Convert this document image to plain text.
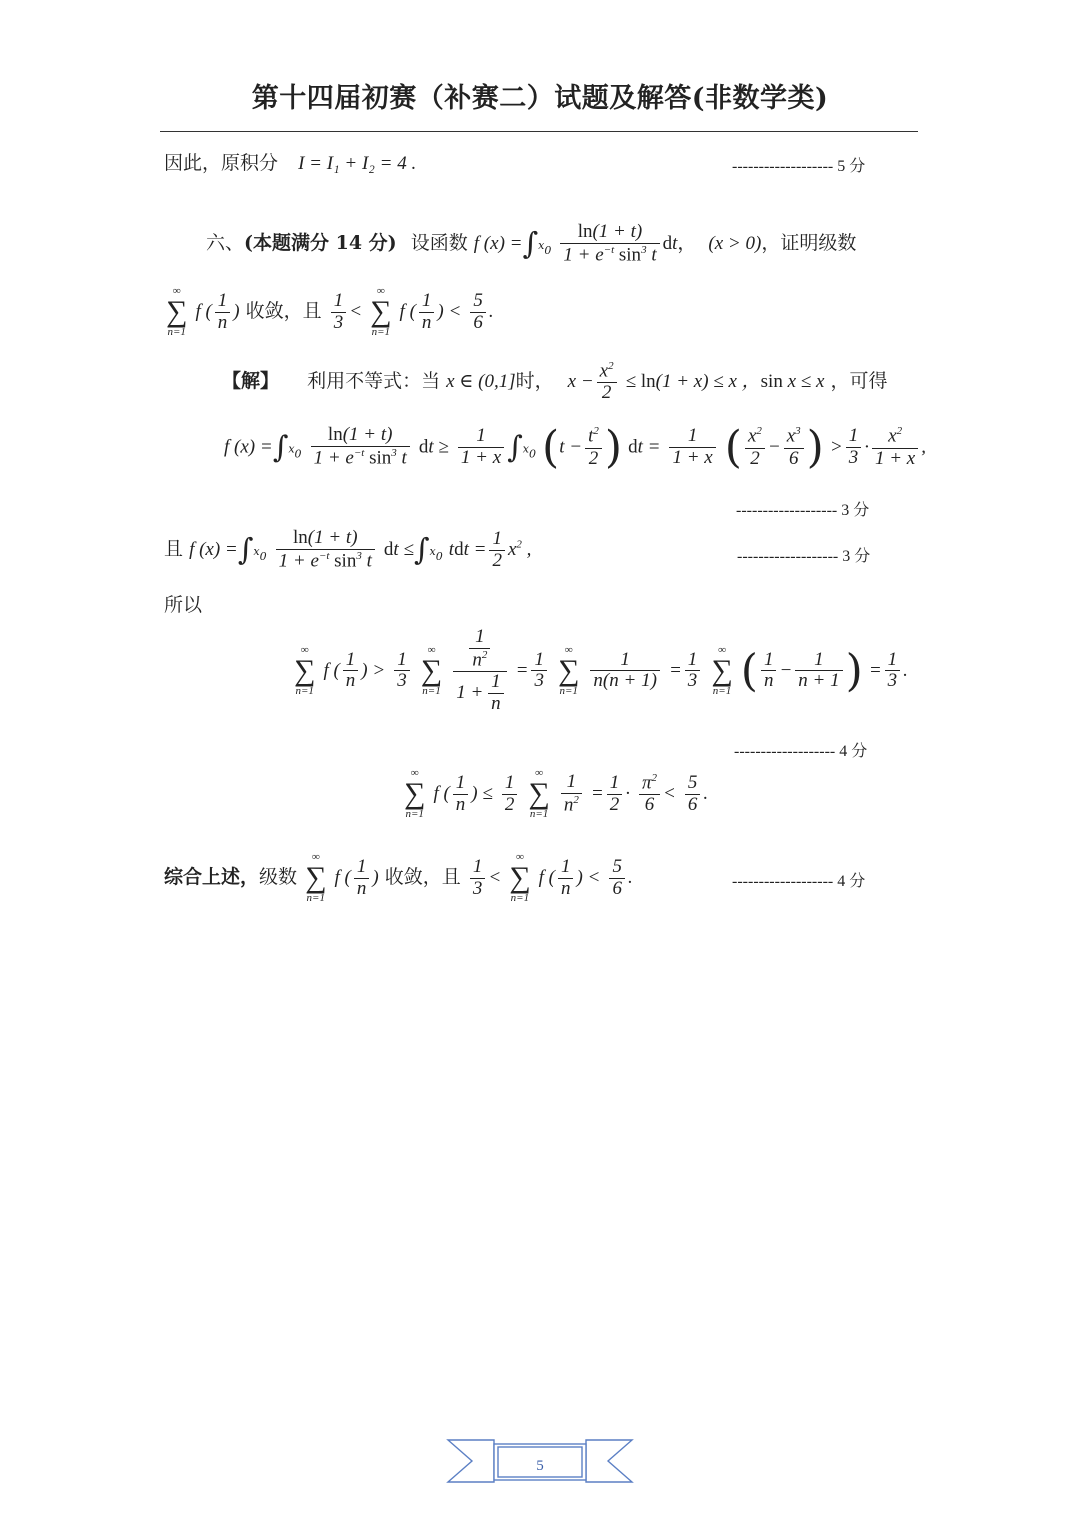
第十四届初赛（补赛二）试题及解答(非数学类)
因此，原积分 I = I₁ + I₂ = 4 .	------------------- 5 分
六、(本题满分 14 分) 设函数 f $(x) =\int x_0 \frac{\ln(1 + t)}{1 + e^{-t} \sin^3 t}$ dt， (x > 0)，证明级数
∞
∑
n=1
f ( $\frac{1}{n}$ ) 收敛，且 $\frac{1}{3}$ <
∞
∑
n=1
f ( $\frac{1}{n}$ ) < $\frac{5}{6}$ .
【解】 利用不等式：当 x ∈ (0,1]时， $x - \frac{x^2}{2} \le \ln(1 + x) \le x$ ，sin x ≤ x ，可得
f $(x) =\int x_0 \frac{\ln(1 + t)}{1 + e^{-t} \sin^3 t}$ dt ≥ $\frac{1}{1 + x} \int x_0$ ($t - \frac{t^2}{2}$ ) dt = $\frac{1}{1 + x}$ ( $\frac{x^2}{2} - \frac{x^3}{6}$ ) > $\frac{1}{3} \cdot \frac{x^2}{1 + x}$ ,
------------------- 3 分
且 f $(x) =\int x_0 \frac{\ln(1 + t)}{1 + e^{-t} \sin^3 t}$ dt $\le\int x_0$ tdt = $\frac{1}{2} x^2$ ,	------------------- 3 分
所以
∞
∑
n=1
f ( $\frac{1}{n}$ ) > $\frac{1}{3}$
	∞
∑
n=1
$\frac{\frac{1}{n^2}}{1 + \frac{1}{n}} = \frac{1}{3}$
	∞
∑
n=1
$\frac{1}{n(n + 1)} = \frac{1}{3}$
	∞
∑
n=1 ( $\frac{1}{n} - \frac{1}{n + 1}$ ) = $\frac{1}{3}$ .
------------------- 4 分
∞
∑
n=1
f ( $\frac{1}{n}$ ) ≤ $\frac{1}{2}$
	∞
∑
n=1
$\frac{1}{n^2} = \frac{1}{2} \cdot \frac{\pi^2}{6} < \frac{5}{6}$ .
综合上述，级数
∞
∑
n=1
f ( $\frac{1}{n}$ ) 收敛，且 $\frac{1}{3}$ <
∞
∑
n=1
f ( $\frac{1}{n}$ ) < $\frac{5}{6}$ .	------------------- 4 分
5
